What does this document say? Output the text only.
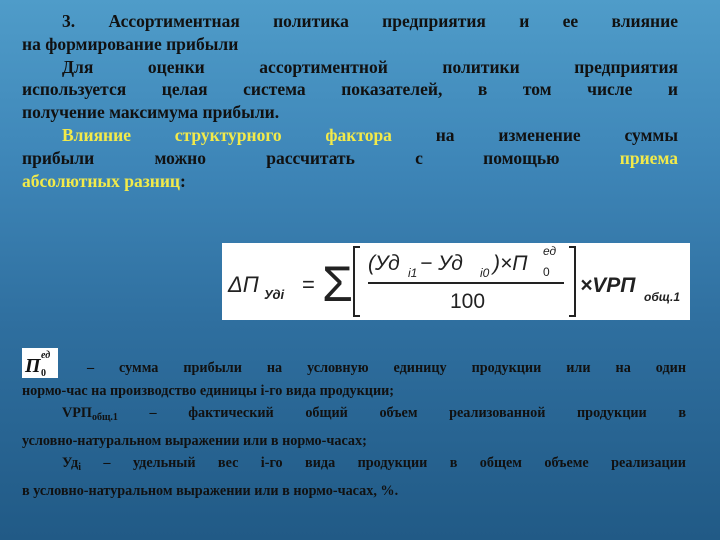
3. Ассортиментная политика предприятия и ее влияние

на формирование прибыли

Для оценки ассортиментной политики предприятия

используется целая система показателей, в том числе и

получение максимума прибыли.

Влияние структурного фактора на изменение суммы

прибыли можно рассчитать с помощью приема

абсолютных разниц:

ΔП Удi = Σ (Уд i1 − Уд i0 )×П
ед
0
100
×VРП общ.1

П ед
0 – сумма прибыли на условную единицу продукции или на один

нормо-час на производство единицы i-го вида продукции;

$VРП_{общ.1}$ – фактический общий объем реализованной продукции в

условно-натуральном выражении или в нормо-часах;

$Уд_i$ – удельный вес i-го вида продукции в общем объеме реализации

в условно-натуральном выражении или в нормо-часах, %.
